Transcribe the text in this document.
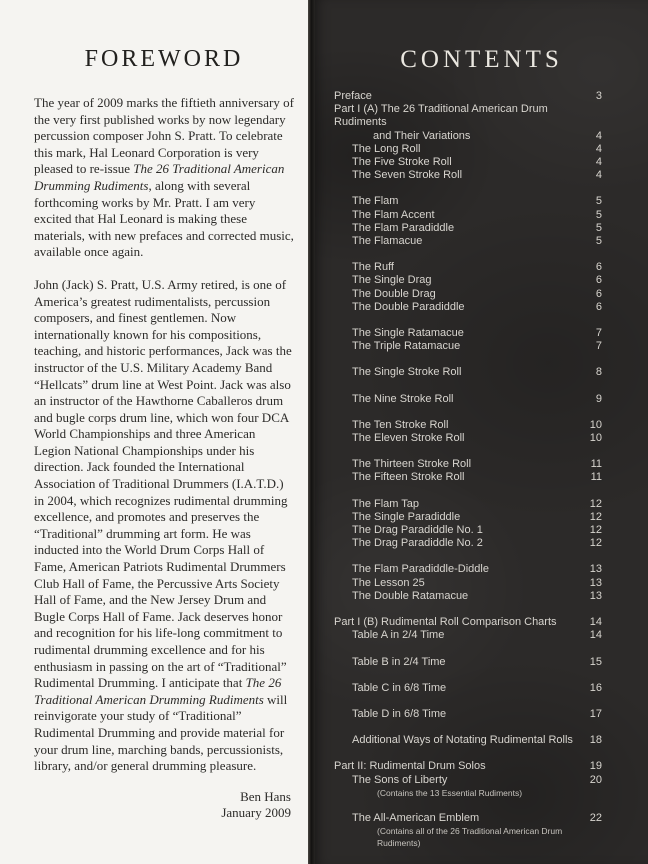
FOREWORD

The year of 2009 marks the fiftieth anniversary of the very first published works by now legendary percussion composer John S. Pratt. To celebrate this mark, Hal Leonard Corporation is very pleased to re-issue The 26 Traditional American Drumming Rudiments, along with several forthcoming works by Mr. Pratt. I am very excited that Hal Leonard is making these materials, with new prefaces and corrected music, available once again.

John (Jack) S. Pratt, U.S. Army retired, is one of America’s greatest rudimentalists, percussion composers, and finest gentlemen. Now internationally known for his compositions, teaching, and historic performances, Jack was the instructor of the U.S. Military Academy Band “Hellcats” drum line at West Point. Jack was also an instructor of the Hawthorne Caballeros drum and bugle corps drum line, which won four DCA World Championships and three American Legion National Championships under his direction. Jack founded the International Association of Traditional Drummers (I.A.T.D.) in 2004, which recognizes rudimental drumming excellence, and promotes and preserves the “Traditional” drumming art form. He was inducted into the World Drum Corps Hall of Fame, American Patriots Rudimental Drummers Club Hall of Fame, the Percussive Arts Society Hall of Fame, and the New Jersey Drum and Bugle Corps Hall of Fame. Jack deserves honor and recognition for his life-long commitment to rudimental drumming excellence and for his enthusiasm in passing on the art of “Traditional” Rudimental Drumming. I anticipate that The 26 Traditional American Drumming Rudiments will reinvigorate your study of “Traditional” Rudimental Drumming and provide material for your drum line, marching bands, percussionists, library, and/or general drumming pleasure.

Ben Hans
January 2009
CONTENTS
Preface	3
Part I (A) The 26 Traditional American Drum Rudiments
and Their Variations	4
The Long Roll	4
The Five Stroke Roll	4
The Seven Stroke Roll	4
The Flam	5
The Flam Accent	5
The Flam Paradiddle	5
The Flamacue	5
The Ruff	6
The Single Drag	6
The Double Drag	6
The Double Paradiddle	6
The Single Ratamacue	7
The Triple Ratamacue	7
The Single Stroke Roll	8
The Nine Stroke Roll	9
The Ten Stroke Roll	10
The Eleven Stroke Roll	10
The Thirteen Stroke Roll	11
The Fifteen Stroke Roll	11
The Flam Tap	12
The Single Paradiddle	12
The Drag Paradiddle No. 1	12
The Drag Paradiddle No. 2	12
The Flam Paradiddle-Diddle	13
The Lesson 25	13
The Double Ratamacue	13
Part I (B) Rudimental Roll Comparison Charts	14
Table A in 2/4 Time	14
Table B in 2/4 Time	15
Table C in 6/8 Time	16
Table D in 6/8 Time	17
Additional Ways of Notating Rudimental Rolls	18
Part II: Rudimental Drum Solos	19
The Sons of Liberty	20
(Contains the 13 Essential Rudiments)
The All-American Emblem	22
(Contains all of the 26 Traditional American Drum Rudiments)
